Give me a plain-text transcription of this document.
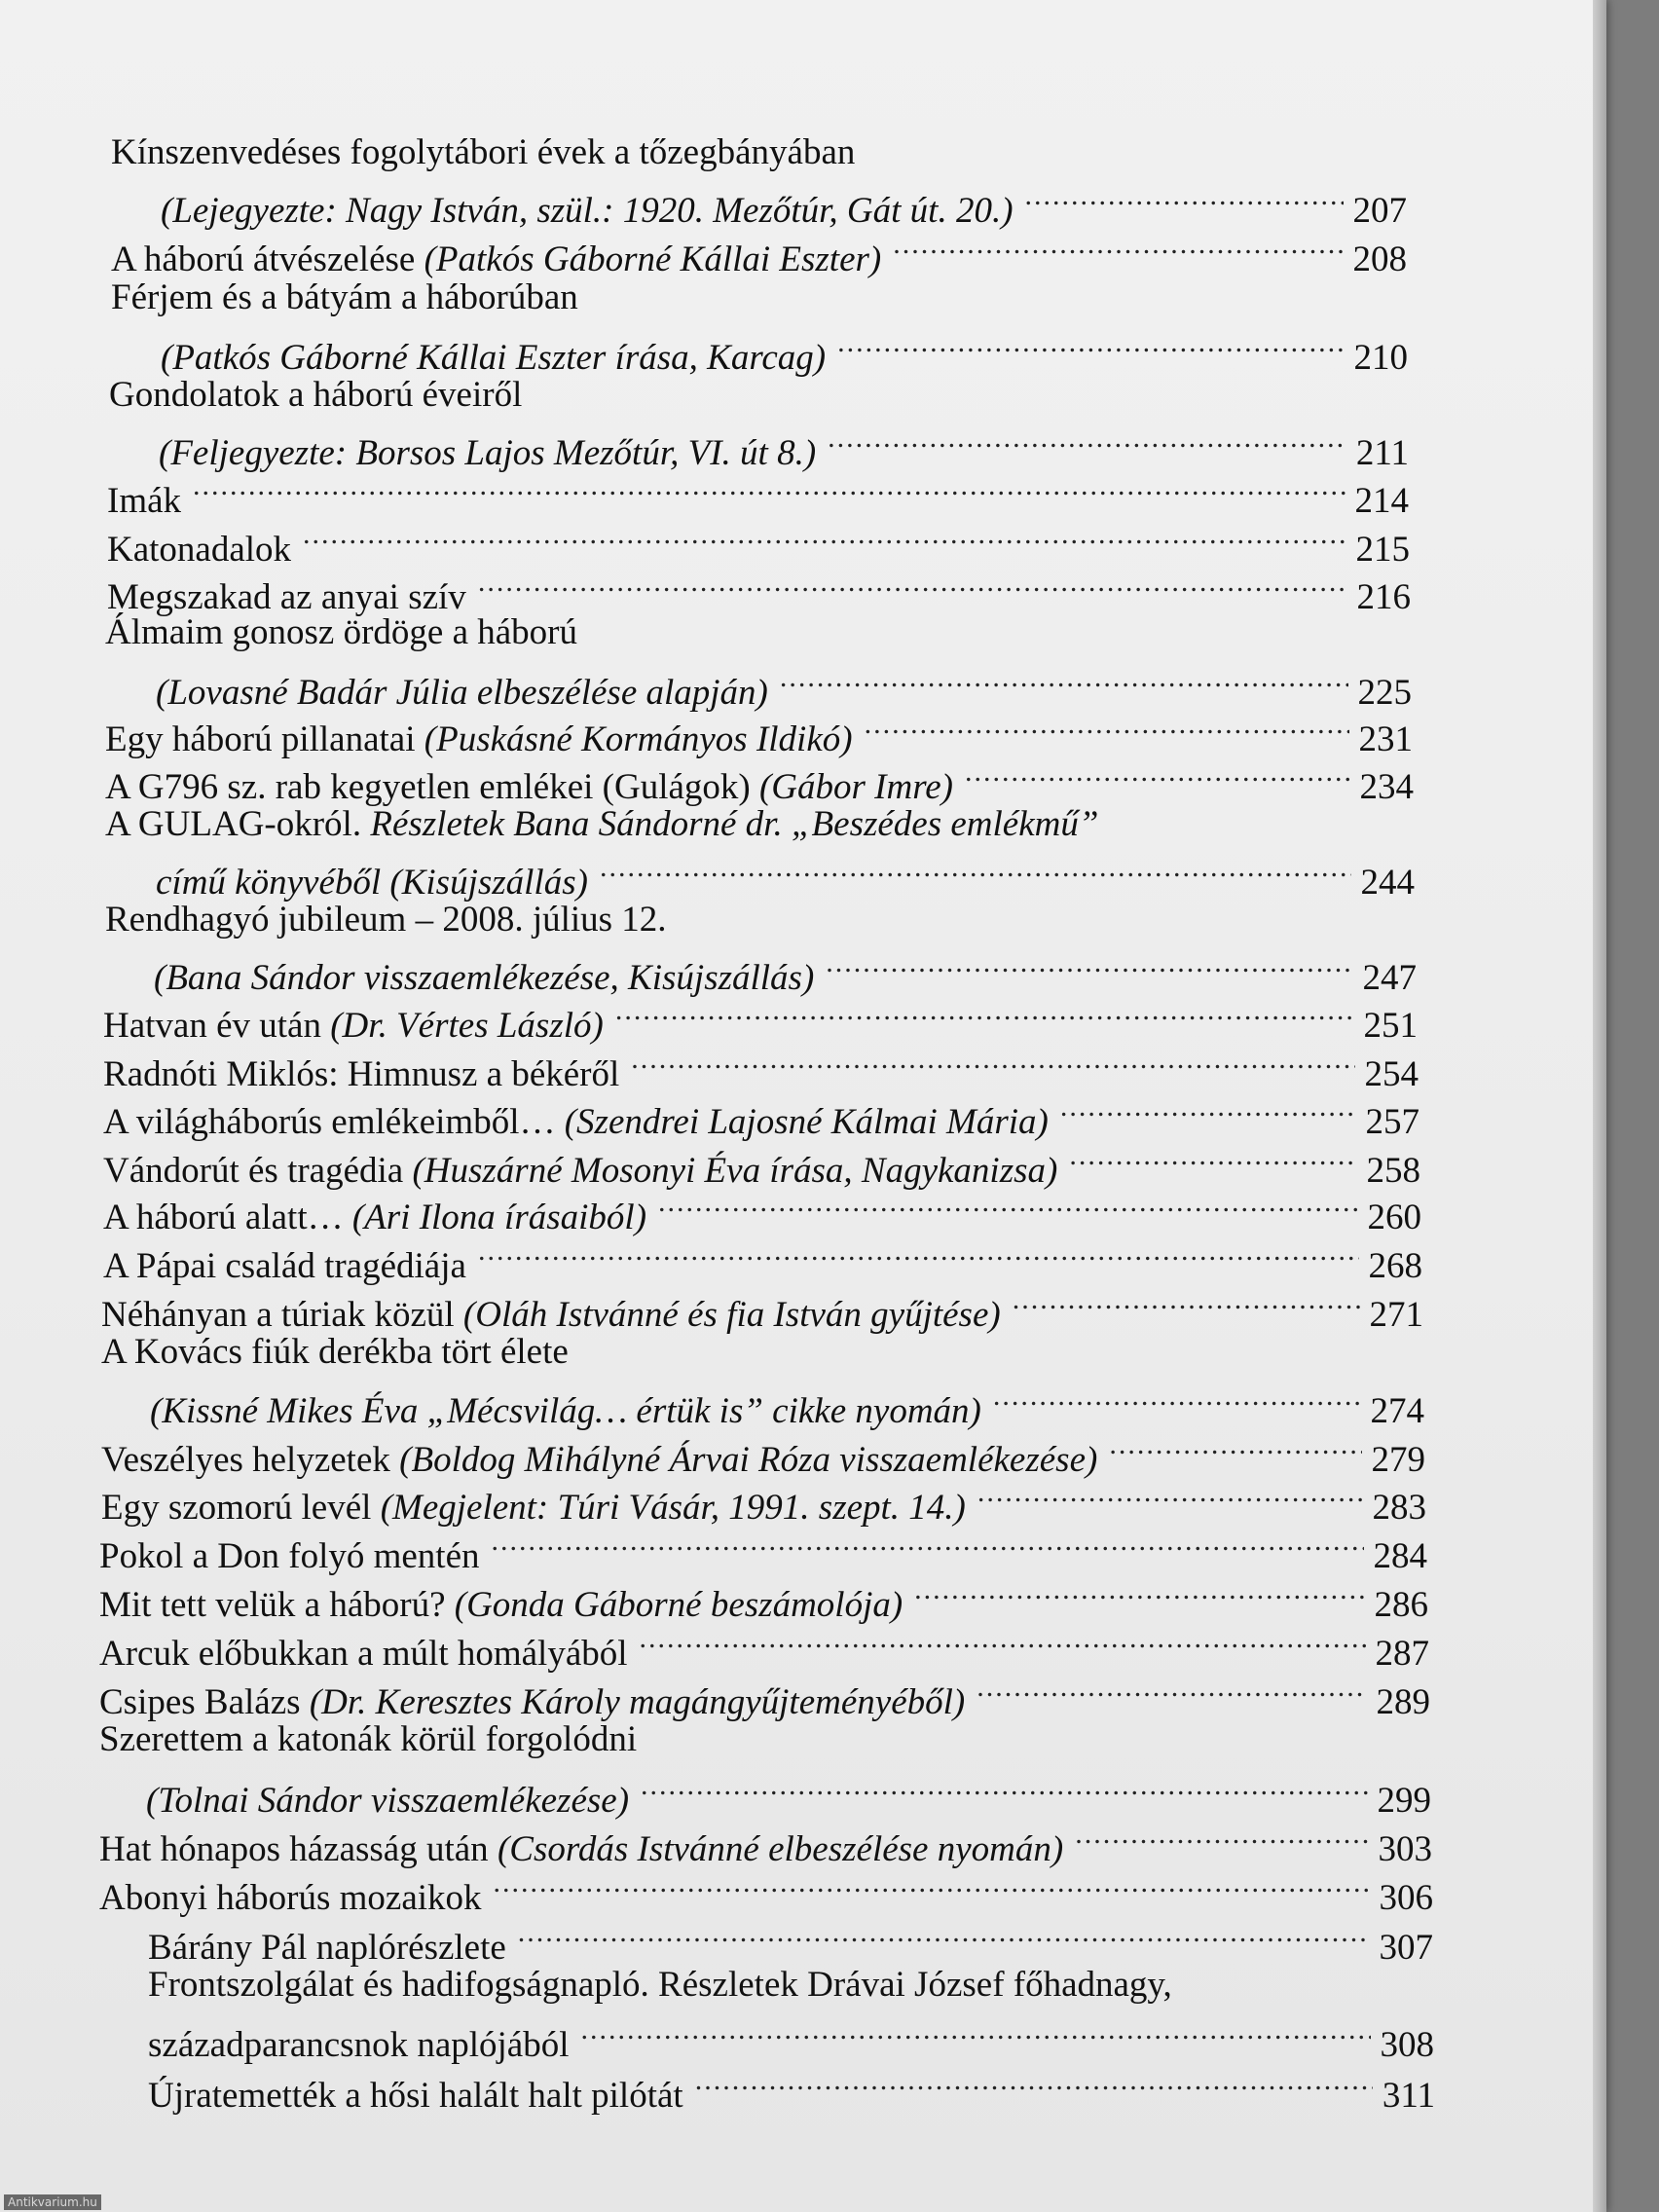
Kínszenvedéses fogolytábori évek a tőzegbányában
(Lejegyezte: Nagy István, szül.: 1920. Mezőtúr, Gát út. 20.) .....	207
A háború átvészelése (Patkós Gáborné Kállai Eszter) .....	208
Férjem és a bátyám a háborúban
(Patkós Gáborné Kállai Eszter írása, Karcag) .....	210
Gondolatok a háború éveiről
(Feljegyezte: Borsos Lajos Mezőtúr, VI. út 8.) .....	211
Imák .....	214
Katonadalok .....	215
Megszakad az anyai szív .....	216
Álmaim gonosz ördöge a háború
(Lovasné Badár Júlia elbeszélése alapján) .....	225
Egy háború pillanatai (Puskásné Kormányos Ildikó) .....	231
A G796 sz. rab kegyetlen emlékei (Gulágok) (Gábor Imre) .....	234
A GULAG-okról. Részletek Bana Sándorné dr. „Beszédes emlékmű”
című könyvéből (Kisújszállás) .....	244
Rendhagyó jubileum – 2008. július 12.
(Bana Sándor visszaemlékezése, Kisújszállás) .....	247
Hatvan év után (Dr. Vértes László) .....	251
Radnóti Miklós: Himnusz a békéről .....	254
A világháborús emlékeimből… (Szendrei Lajosné Kálmai Mária) .....	257
Vándorút és tragédia (Huszárné Mosonyi Éva írása, Nagykanizsa) .....	258
A háború alatt… (Ari Ilona írásaiból) .....	260
A Pápai család tragédiája .....	268
Néhányan a túriak közül (Oláh Istvánné és fia István gyűjtése) .....	271
A Kovács fiúk derékba tört élete
(Kissné Mikes Éva „Mécsvilág… értük is” cikke nyomán) .....	274
Veszélyes helyzetek (Boldog Mihályné Árvai Róza visszaemlékezése) .....	279
Egy szomorú levél (Megjelent: Túri Vásár, 1991. szept. 14.) .....	283
Pokol a Don folyó mentén .....	284
Mit tett velük a háború? (Gonda Gáborné beszámolója) .....	286
Arcuk előbukkan a múlt homályából .....	287
Csipes Balázs (Dr. Keresztes Károly magángyűjteményéből) .....	289
Szerettem a katonák körül forgolódni
(Tolnai Sándor visszaemlékezése) .....	299
Hat hónapos házasság után (Csordás Istvánné elbeszélése nyomán) .....	303
Abonyi háborús mozaikok .....	306
Bárány Pál naplórészlete .....	307
Frontszolgálat és hadifogságnapló. Részletek Drávai József főhadnagy,
századparancsnok naplójából .....	308
Újratemették a hősi halált halt pilótát .....	311
Antikvarium.hu
